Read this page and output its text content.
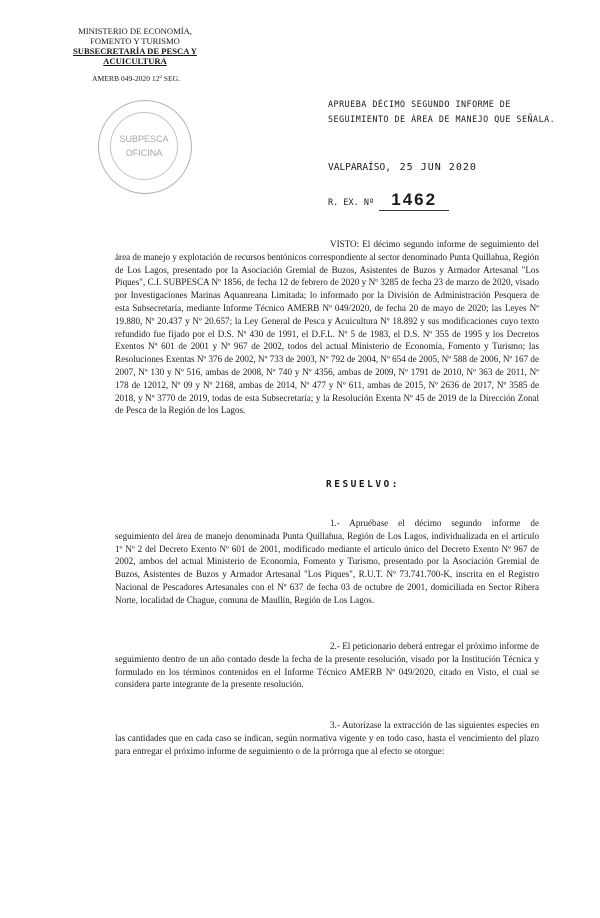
MINISTERIO DE ECONOMÍA,
FOMENTO Y TURISMO
SUBSECRETARÍA DE PESCA Y
ACUICULTURA
AMERB 049-2020 12º SEG.
SUBPESCA
OFICINA
APRUEBA DÉCIMO SEGUNDO INFORME DE SEGUIMIENTO DE ÁREA DE MANEJO QUE SEÑALA.
VALPARAÍSO, 25 JUN 2020
R. EX. Nº 1462
VISTO: El décimo segundo informe de seguimiento del área de manejo y explotación de recursos bentónicos correspondiente al sector denominado Punta Quillahua, Región de Los Lagos, presentado por la Asociación Gremial de Buzos, Asistentes de Buzos y Armador Artesanal "Los Piques", C.I. SUBPESCA Nº 1856, de fecha 12 de febrero de 2020 y Nº 3285 de fecha 23 de marzo de 2020, visado por Investigaciones Marinas Aquanreana Limitada; lo informado por la División de Administración Pesquera de esta Subsecretaría, mediante Informe Técnico AMERB Nº 049/2020, de fecha 20 de mayo de 2020; las Leyes Nº 19.880, Nº 20.437 y Nº 20.657; la Ley General de Pesca y Acuicultura Nº 18.892 y sus modificaciones cuyo texto refundido fue fijado por el D.S. Nº 430 de 1991, el D.F.L. Nº 5 de 1983, el D.S. Nº 355 de 1995 y los Decretos Exentos Nº 601 de 2001 y Nº 967 de 2002, todos del actual Ministerio de Economía, Fomento y Turismo; las Resoluciones Exentas Nº 376 de 2002, Nº 733 de 2003, Nº 792 de 2004, Nº 654 de 2005, Nº 588 de 2006, Nº 167 de 2007, Nº 130 y Nº 516, ambas de 2008, Nº 740 y Nº 4356, ambas de 2009, Nº 1791 de 2010, Nº 363 de 2011, Nº 178 de 12012, Nº 09 y Nº 2168, ambas de 2014, Nº 477 y Nº 611, ambas de 2015, Nº 2636 de 2017, Nº 3585 de 2018, y Nº 3770 de 2019, todas de esta Subsecretaría; y la Resolución Exenta Nº 45 de 2019 de la Dirección Zonal de Pesca de la Región de los Lagos.
RESUELVO:
1.- Apruébase el décimo segundo informe de seguimiento del área de manejo denominada Punta Quillahua, Región de Los Lagos, individualizada en el artículo 1º Nº 2 del Decreto Exento Nº 601 de 2001, modificado mediante el artículo único del Decreto Exento Nº 967 de 2002, ambos del actual Ministerio de Economía, Fomento y Turismo, presentado por la Asociación Gremial de Buzos, Asistentes de Buzos y Armador Artesanal "Los Piques", R.U.T. Nº 73.741.700-K, inscrita en el Registro Nacional de Pescadores Artesanales con el Nº 637 de fecha 03 de octubre de 2001, domiciliada en Sector Ribera Norte, localidad de Chague, comuna de Maullín, Región de Los Lagos.
2.- El peticionario deberá entregar el próximo informe de seguimiento dentro de un año contado desde la fecha de la presente resolución, visado por la Institución Técnica y formulado en los términos contenidos en el Informe Técnico AMERB Nº 049/2020, citado en Visto, el cual se considera parte integrante de la presente resolución.
3.- Autorízase la extracción de las siguientes especies en las cantidades que en cada caso se indican, según normativa vigente y en todo caso, hasta el vencimiento del plazo para entregar el próximo informe de seguimiento o de la prórroga que al efecto se otorgue:
